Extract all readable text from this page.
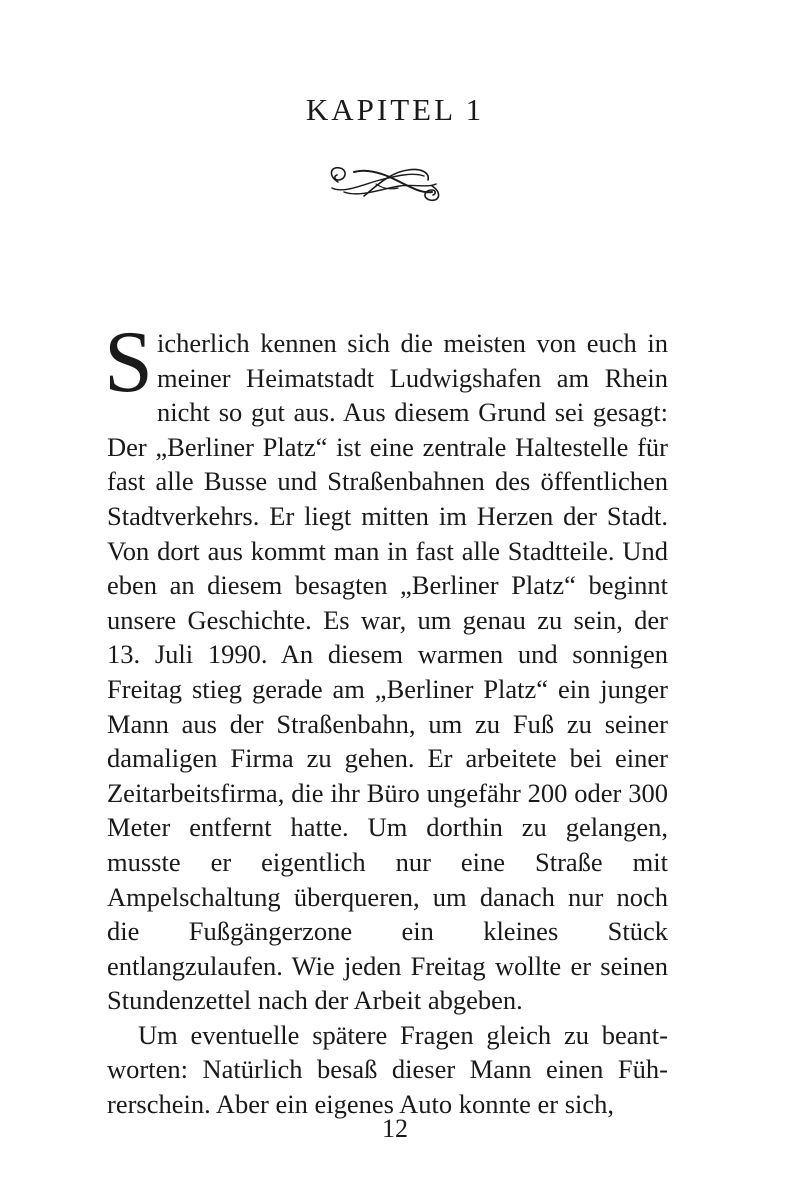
KAPITEL 1

Sicherlich kennen sich die meisten von euch in meiner Heimatstadt Ludwigshafen am Rhein nicht so gut aus. Aus diesem Grund sei gesagt: Der „Berliner Platz“ ist eine zentrale Haltestelle für fast alle Busse und Straßenbahnen des öffentlichen Stadtverkehrs. Er liegt mitten im Herzen der Stadt. Von dort aus kommt man in fast alle Stadtteile. Und eben an diesem besagten „Berliner Platz“ beginnt unsere Geschichte. Es war, um genau zu sein, der 13. Juli 1990. An diesem warmen und sonnigen Freitag stieg gerade am „Berliner Platz“ ein junger Mann aus der Straßenbahn, um zu Fuß zu seiner damaligen Firma zu gehen. Er arbeitete bei einer Zeitarbeitsfirma, die ihr Büro ungefähr 200 oder 300 Meter entfernt hatte. Um dorthin zu gelangen, musste er eigentlich nur eine Straße mit Ampelschaltung überqueren, um danach nur noch die Fußgängerzone ein kleines Stück entlangzulaufen. Wie jeden Freitag wollte er seinen Stundenzettel nach der Arbeit abgeben.

Um eventuelle spätere Fragen gleich zu beantworten: Natürlich besaß dieser Mann einen Führerschein. Aber ein eigenes Auto konnte er sich,

12
